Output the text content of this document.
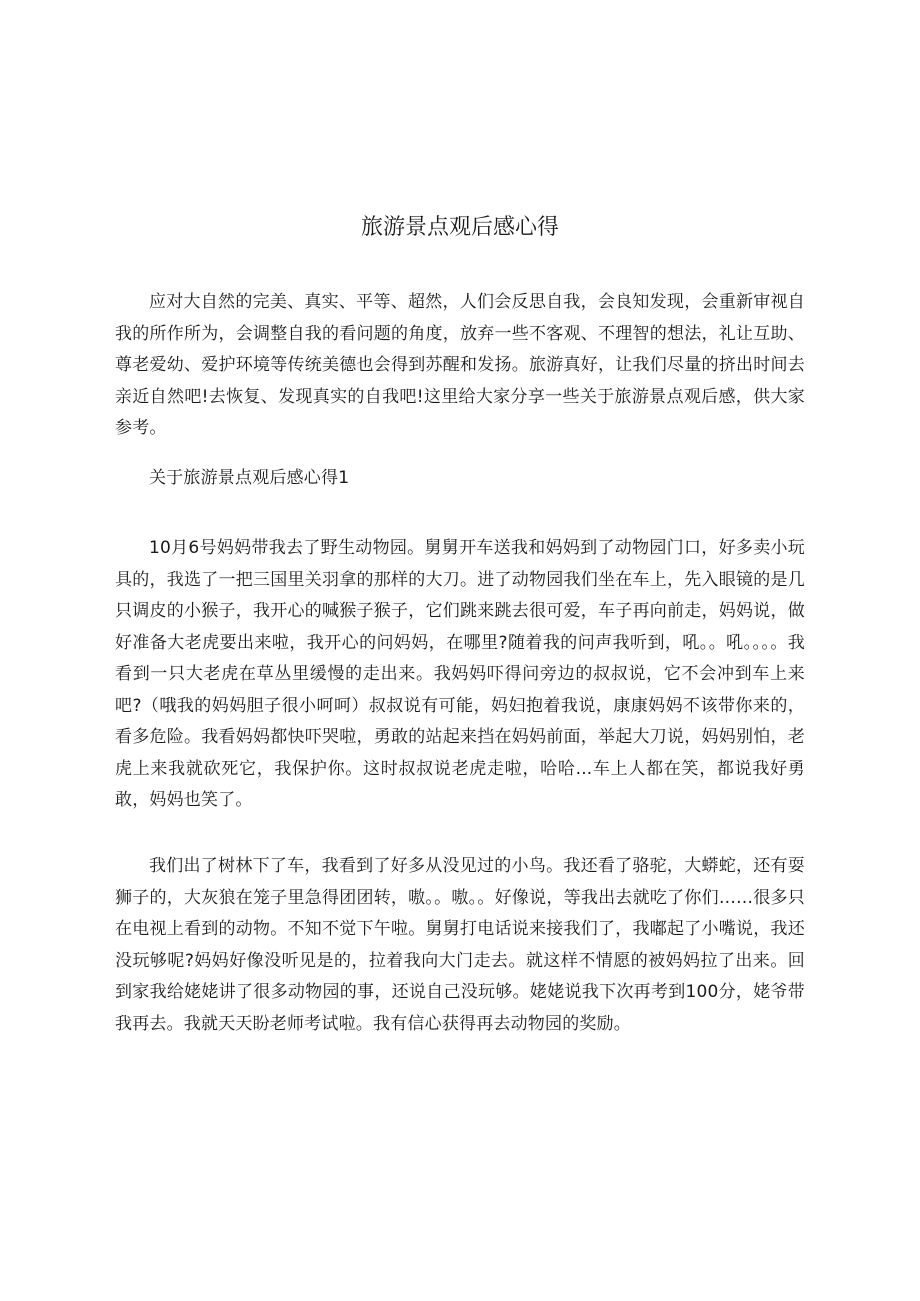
旅游景点观后感心得

应对大自然的完美、真实、平等、超然，人们会反思自我，会良知发现，会重新审视自我的所作所为，会调整自我的看问题的角度，放弃一些不客观、不理智的想法，礼让互助、尊老爱幼、爱护环境等传统美德也会得到苏醒和发扬。旅游真好，让我们尽量的挤出时间去亲近自然吧!去恢复、发现真实的自我吧!这里给大家分享一些关于旅游景点观后感，供大家参考。

关于旅游景点观后感心得1

10月6号妈妈带我去了野生动物园。舅舅开车送我和妈妈到了动物园门口，好多卖小玩具的，我选了一把三国里关羽拿的那样的大刀。进了动物园我们坐在车上，先入眼镜的是几只调皮的小猴子，我开心的喊猴子猴子，它们跳来跳去很可爱，车子再向前走，妈妈说，做好准备大老虎要出来啦，我开心的问妈妈，在哪里?随着我的问声我听到，吼。。吼。。。。我看到一只大老虎在草丛里缓慢的走出来。我妈妈吓得问旁边的叔叔说，它不会冲到车上来吧?（哦我的妈妈胆子很小呵呵）叔叔说有可能，妈妇抱着我说，康康妈妈不该带你来的，看多危险。我看妈妈都快吓哭啦，勇敢的站起来挡在妈妈前面，举起大刀说，妈妈别怕，老虎上来我就砍死它，我保护你。这时叔叔说老虎走啦，哈哈...车上人都在笑，都说我好勇敢，妈妈也笑了。

我们出了树林下了车，我看到了好多从没见过的小鸟。我还看了骆驼，大蟒蛇，还有耍狮子的，大灰狼在笼子里急得团团转，嗷。。嗷。。好像说，等我出去就吃了你们……很多只在电视上看到的动物。不知不觉下午啦。舅舅打电话说来接我们了，我嘟起了小嘴说，我还没玩够呢?妈妈好像没听见是的，拉着我向大门走去。就这样不情愿的被妈妈拉了出来。回到家我给姥姥讲了很多动物园的事，还说自己没玩够。姥姥说我下次再考到100分，姥爷带我再去。我就天天盼老师考试啦。我有信心获得再去动物园的奖励。
